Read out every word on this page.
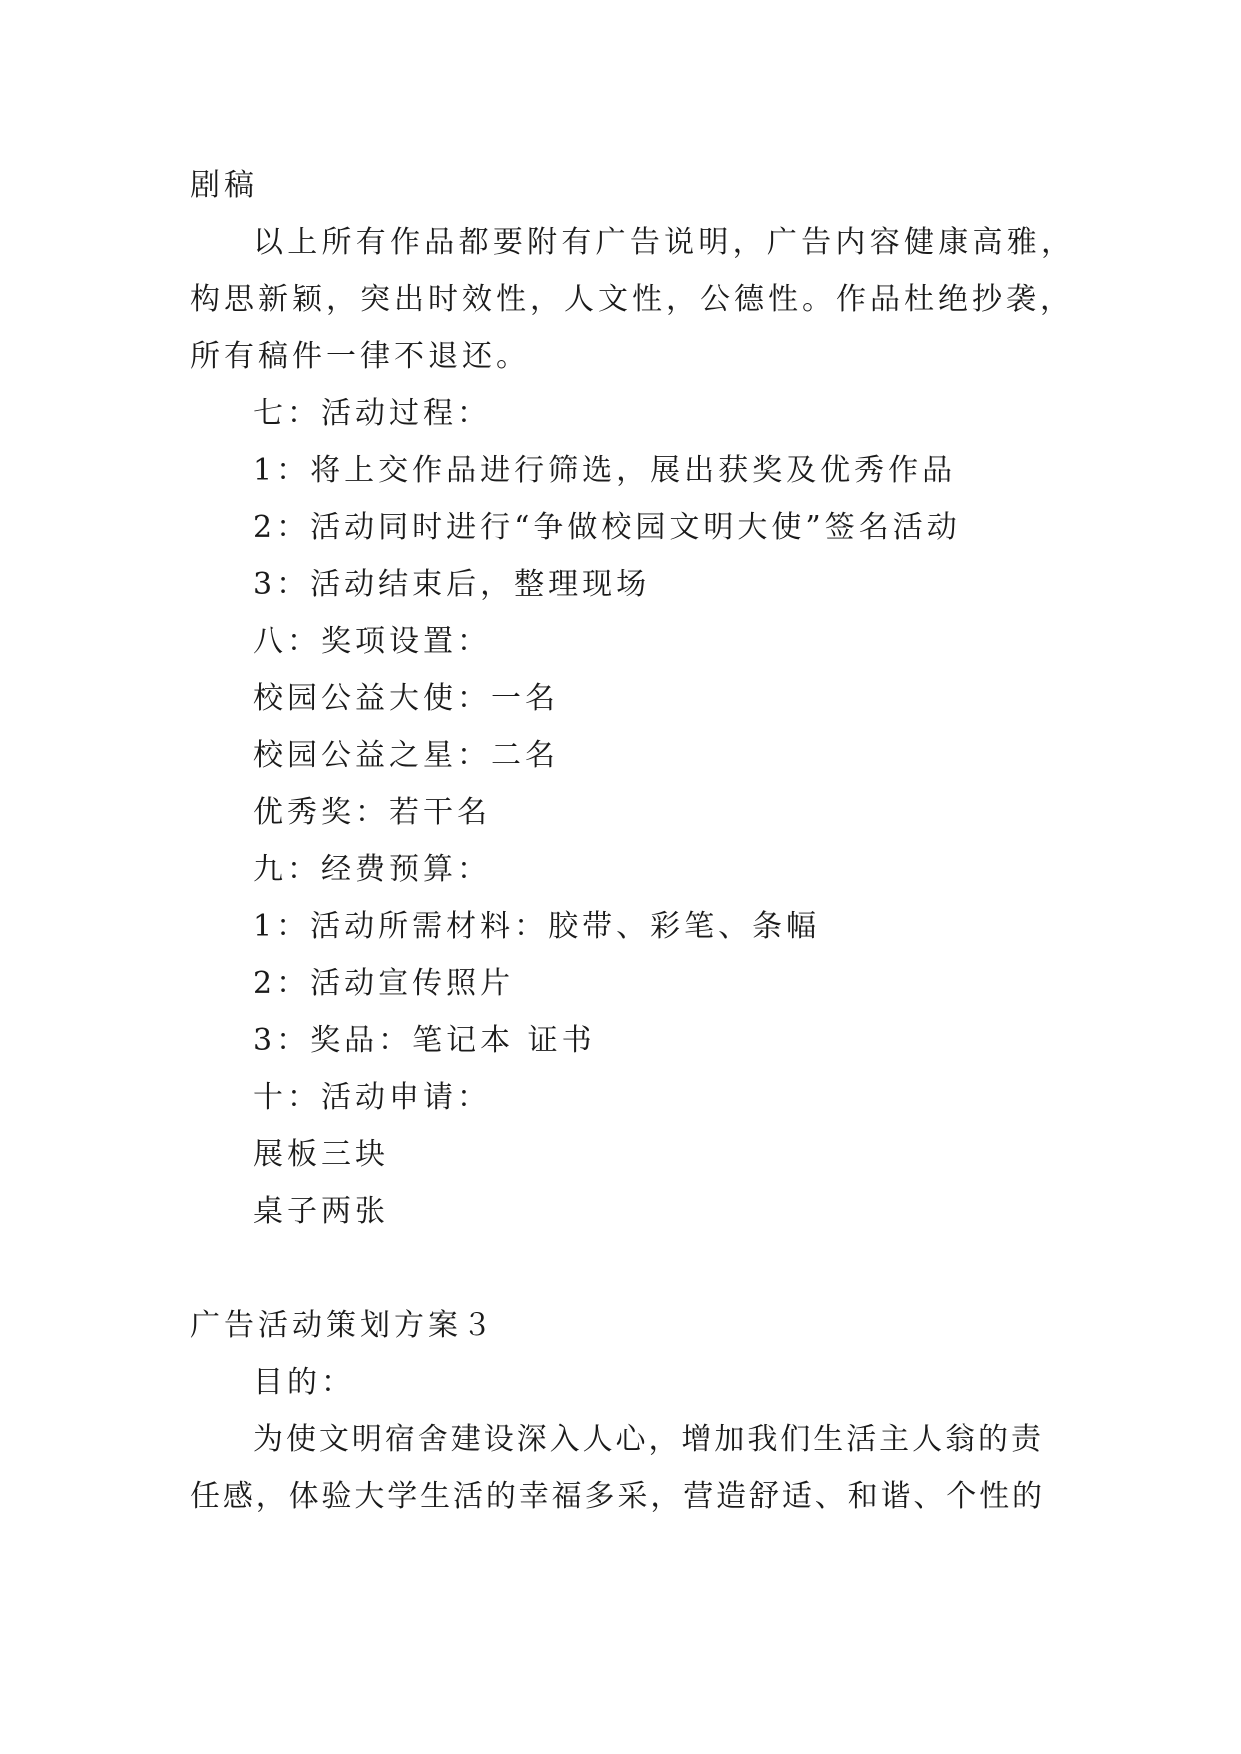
剧稿
以上所有作品都要附有广告说明，广告内容健康高雅，
构思新颖，突出时效性，人文性，公德性。作品杜绝抄袭，
所有稿件一律不退还。
七：活动过程：
1：将上交作品进行筛选，展出获奖及优秀作品
2：活动同时进行“争做校园文明大使”签名活动
3：活动结束后，整理现场
八：奖项设置：
校园公益大使：一名
校园公益之星：二名
优秀奖：若干名
九：经费预算：
1：活动所需材料：胶带、彩笔、条幅
2：活动宣传照片
3：奖品：笔记本 证书
十：活动申请：
展板三块
桌子两张
广告活动策划方案３
目的：
为使文明宿舍建设深入人心，增加我们生活主人翁的责
任感，体验大学生活的幸福多采，营造舒适、和谐、个性的
